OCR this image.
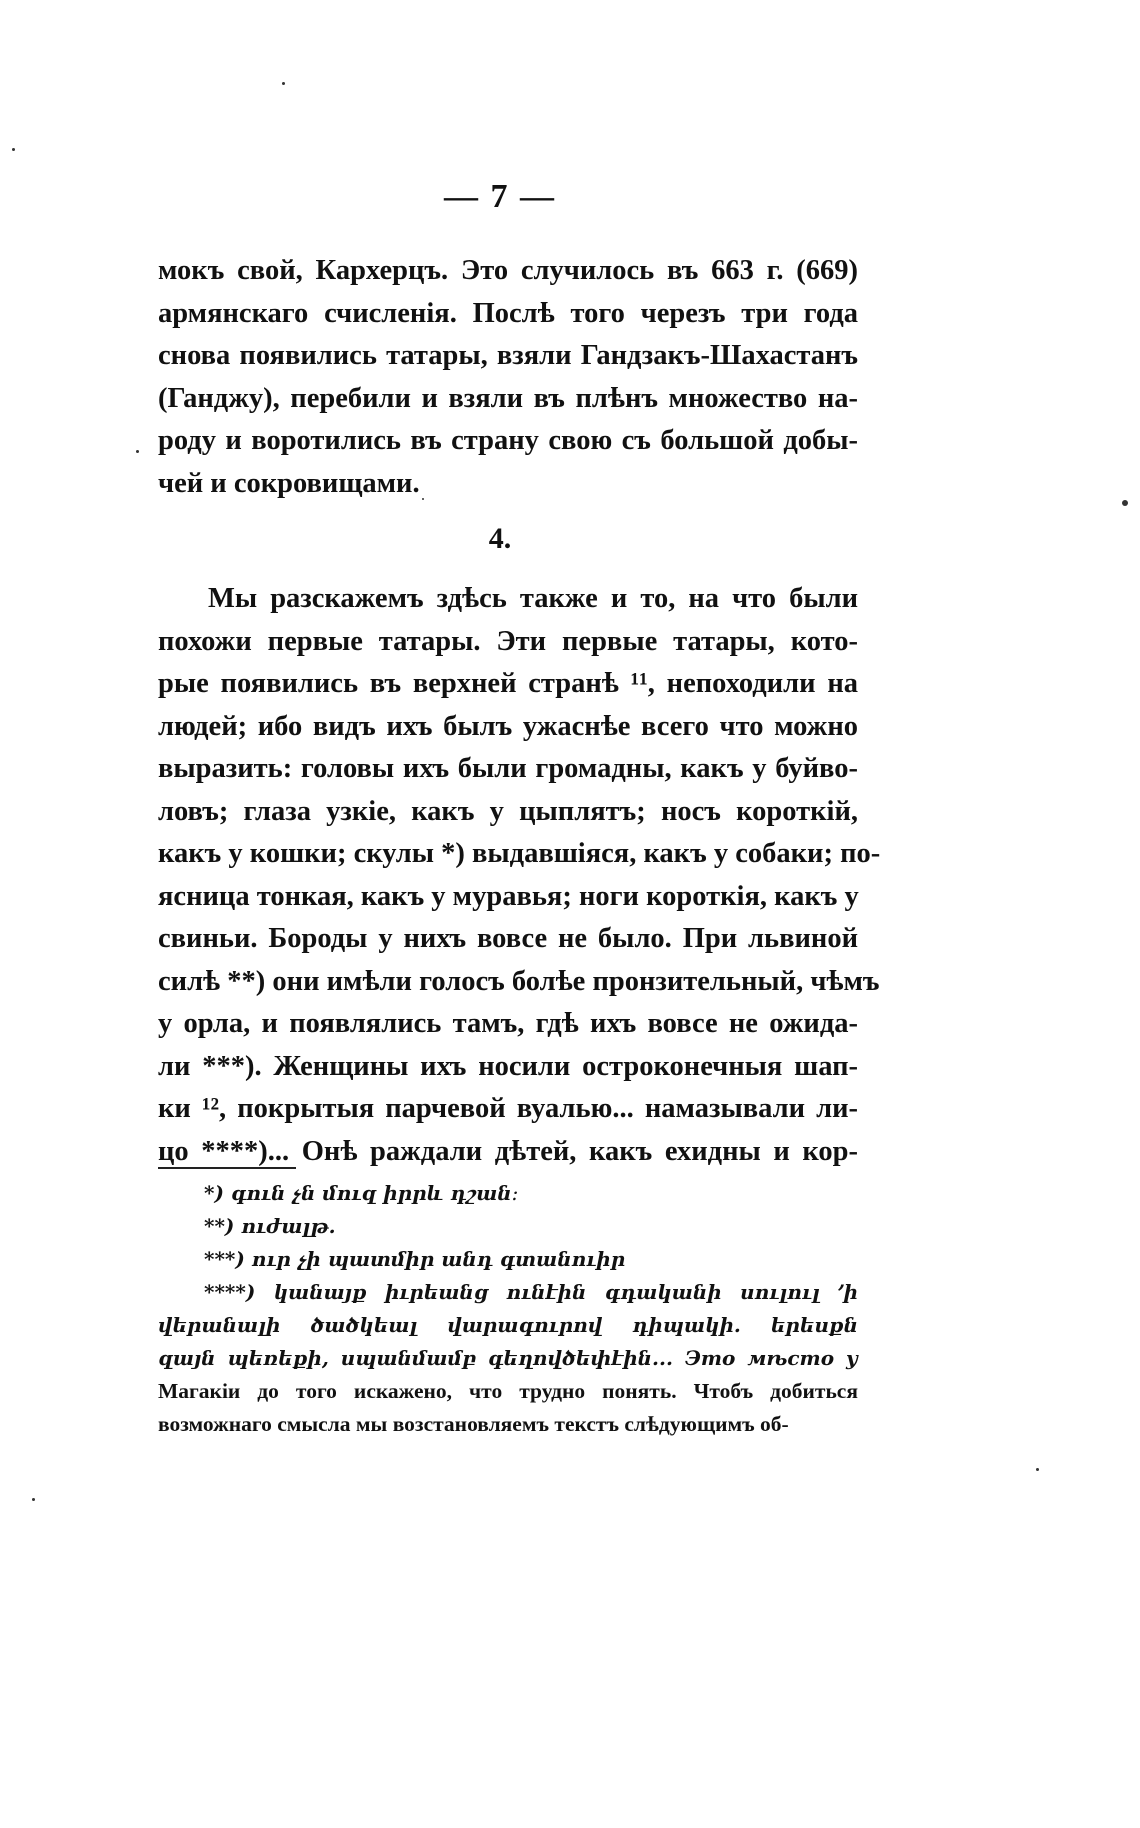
— 7 —

мокъ свой, Кархерцъ. Это случилось въ 663 г. (669)
армянскаго счисленія. Послѣ того черезъ три года
снова появились татары, взяли Гандзакъ-Шахастанъ
(Ганджу), перебили и взяли въ плѣнъ множество на-
роду и воротились въ страну свою съ большой добы-
чей и сокровищами.

4.

Мы разскажемъ здѣсь также и то, на что были
похожи первые татары. Эти первые татары, кото-
рые появились въ верхней странѣ ¹¹, непоходили на
людей; ибо видъ ихъ былъ ужаснѣе всего что можно
выразить: головы ихъ были громадны, какъ у буйво-
ловъ; глаза узкіе, какъ у цыплятъ; носъ короткій,
какъ у кошки; скулы *) выдавшіяся, какъ у собаки; по-
ясница тонкая, какъ у муравья; ноги короткія, какъ у
свиньи. Бороды у нихъ вовсе не было. При львиной
силѣ **) они имѣли голосъ болѣе пронзительный, чѣмъ
у орла, и появлялись тамъ, гдѣ ихъ вовсе не ожида-
ли ***). Женщины ихъ носили остроконечныя шап-
ки ¹², покрытыя парчевой вуалью... намазывали ли-
цо ****)... Онѣ раждали дѣтей, какъ ехидны и кор-

*) գուն չն մուզ իրրև դշան։
**) ուժալթ.
***) ուր չի պատմիր անդ գտանուիր
****) կանայք իւրեանց ունէին գդականի սուլուլ ՚ի
վերանալի ծածկեալ վարագուրով դիպակի. երեսքն
զայն պեռեքի, սպանմամբ գեղովծեփէին... Это мѣсто у
Магакіи до того искажено, что трудно понять. Чтобъ добиться
возможнаго смысла мы возстановляемъ текстъ слѣдующимъ об-
